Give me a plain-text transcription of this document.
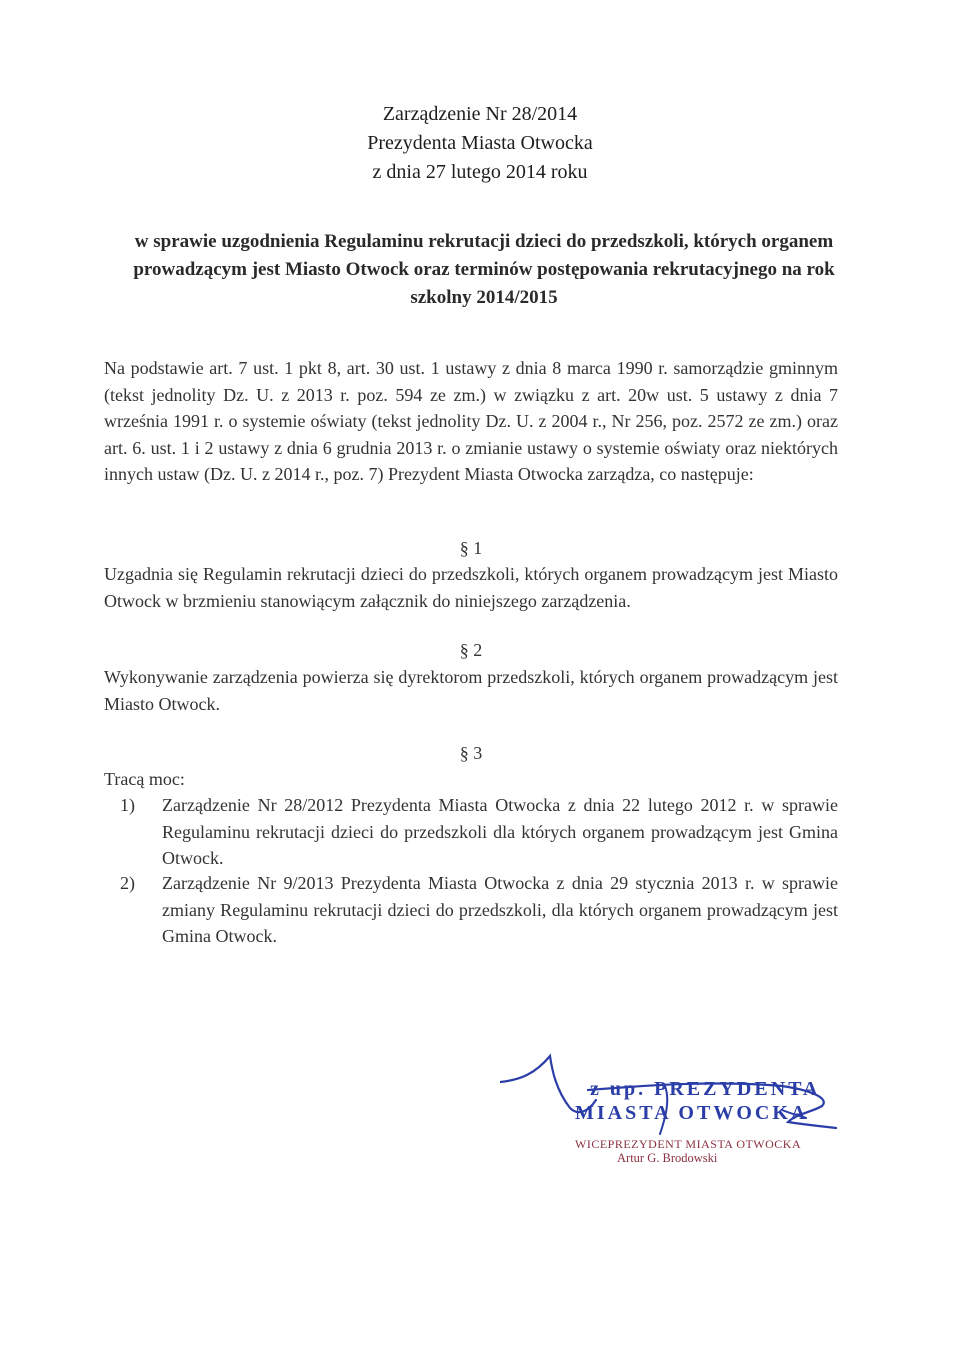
Zarządzenie Nr 28/2014
Prezydenta Miasta Otwocka
z dnia 27 lutego 2014 roku
w sprawie uzgodnienia Regulaminu rekrutacji dzieci do przedszkoli, których organem prowadzącym jest Miasto Otwock oraz terminów postępowania rekrutacyjnego na rok szkolny 2014/2015
Na podstawie art. 7 ust. 1 pkt 8, art. 30 ust. 1 ustawy z dnia 8 marca 1990 r. samorządzie gminnym (tekst jednolity Dz. U. z 2013 r. poz. 594 ze zm.) w związku z art. 20w ust. 5 ustawy z dnia 7 września 1991 r. o systemie oświaty (tekst jednolity Dz. U. z 2004 r., Nr 256, poz. 2572 ze zm.) oraz art. 6. ust. 1 i 2 ustawy z dnia 6 grudnia 2013 r. o zmianie ustawy o systemie oświaty oraz niektórych innych ustaw (Dz. U. z 2014 r., poz. 7) Prezydent Miasta Otwocka zarządza, co następuje:
§ 1
Uzgadnia się Regulamin rekrutacji dzieci do przedszkoli, których organem prowadzącym jest Miasto Otwock w brzmieniu stanowiącym załącznik do niniejszego zarządzenia.
§ 2
Wykonywanie zarządzenia powierza się dyrektorom przedszkoli, których organem prowadzącym jest Miasto Otwock.
§ 3
Tracą moc:
1) Zarządzenie Nr 28/2012 Prezydenta Miasta Otwocka z dnia 22 lutego 2012 r. w sprawie Regulaminu rekrutacji dzieci do przedszkoli dla których organem prowadzącym jest Gmina Otwock.
2) Zarządzenie Nr 9/2013 Prezydenta Miasta Otwocka z dnia 29 stycznia 2013 r. w sprawie zmiany Regulaminu rekrutacji dzieci do przedszkoli, dla których organem prowadzącym jest Gmina Otwock.
z up. PREZYDENTA
MIASTA OTWOCKA
WICEPREZYDENT MIASTA OTWOCKA
Artur G. Brodowski
